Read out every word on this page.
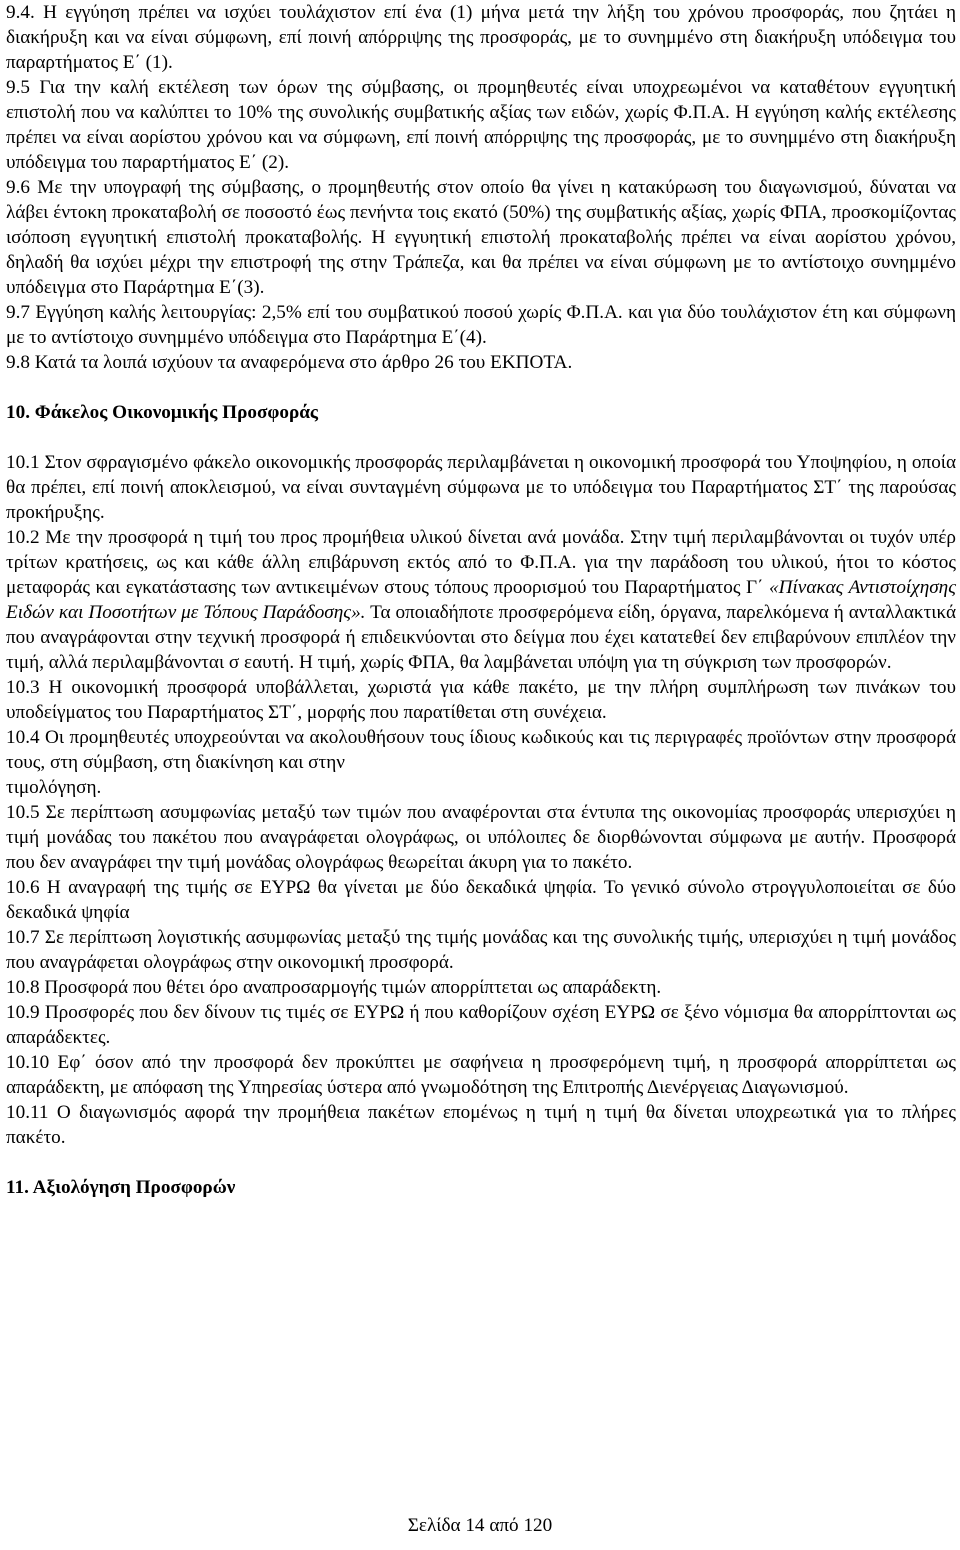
9.4. Η εγγύηση πρέπει να ισχύει τουλάχιστον επί ένα (1) μήνα μετά την λήξη του χρόνου προσφοράς, που ζητάει η διακήρυξη και να είναι σύμφωνη, επί ποινή απόρριψης της προσφοράς, με το συνημμένο στη διακήρυξη υπόδειγμα του παραρτήματος Ε΄ (1).

9.5 Για την καλή εκτέλεση των όρων της σύμβασης, οι προμηθευτές είναι υποχρεωμένοι να καταθέτουν εγγυητική επιστολή που να καλύπτει το 10% της συνολικής συμβατικής αξίας των ειδών, χωρίς Φ.Π.Α. Η εγγύηση καλής εκτέλεσης πρέπει να είναι αορίστου χρόνου και να σύμφωνη, επί ποινή απόρριψης της προσφοράς, με το συνημμένο στη διακήρυξη υπόδειγμα του παραρτήματος Ε΄ (2).

9.6 Με την υπογραφή της σύμβασης, ο προμηθευτής στον οποίο θα γίνει η κατακύρωση του διαγωνισμού, δύναται να λάβει έντοκη προκαταβολή σε ποσοστό έως πενήντα τοις εκατό (50%) της συμβατικής αξίας, χωρίς ΦΠΑ, προσκομίζοντας ισόποση εγγυητική επιστολή προκαταβολής. Η εγγυητική επιστολή προκαταβολής πρέπει να είναι αορίστου χρόνου, δηλαδή θα ισχύει μέχρι την επιστροφή της στην Τράπεζα, και θα πρέπει να είναι σύμφωνη με το αντίστοιχο συνημμένο υπόδειγμα στο Παράρτημα Ε΄(3).

9.7 Εγγύηση καλής λειτουργίας: 2,5% επί του συμβατικού ποσού χωρίς Φ.Π.Α. και για δύο τουλάχιστον έτη και σύμφωνη με το αντίστοιχο συνημμένο υπόδειγμα στο Παράρτημα Ε΄(4).

9.8 Κατά τα λοιπά ισχύουν τα αναφερόμενα στο άρθρο 26 του ΕΚΠΟΤΑ.

10. Φάκελος Οικονομικής Προσφοράς

10.1 Στον σφραγισμένο φάκελο οικονομικής προσφοράς περιλαμβάνεται η οικονομική προσφορά του Υποψηφίου, η οποία θα πρέπει, επί ποινή αποκλεισμού, να είναι συνταγμένη σύμφωνα με το υπόδειγμα του Παραρτήματος ΣΤ΄ της παρούσας προκήρυξης.

10.2 Με την προσφορά η τιμή του προς προμήθεια υλικού δίνεται ανά μονάδα. Στην τιμή περιλαμβάνονται οι τυχόν υπέρ τρίτων κρατήσεις, ως και κάθε άλλη επιβάρυνση εκτός από το Φ.Π.Α. για την παράδοση του υλικού, ήτοι το κόστος μεταφοράς και εγκατάστασης των αντικειμένων στους τόπους προορισμού του Παραρτήματος Γ΄ «Πίνακας Αντιστοίχησης Ειδών και Ποσοτήτων με Τόπους Παράδοσης». Τα οποιαδήποτε προσφερόμενα είδη, όργανα, παρελκόμενα ή ανταλλακτικά που αναγράφονται στην τεχνική προσφορά ή επιδεικνύονται στο δείγμα που έχει κατατεθεί δεν επιβαρύνουν επιπλέον την τιμή, αλλά περιλαμβάνονται σ εαυτή. Η τιμή, χωρίς ΦΠΑ, θα λαμβάνεται υπόψη για τη σύγκριση των προσφορών.

10.3 Η οικονομική προσφορά υποβάλλεται, χωριστά για κάθε πακέτο, με την πλήρη συμπλήρωση των πινάκων του υποδείγματος του Παραρτήματος ΣΤ΄, μορφής που παρατίθεται στη συνέχεια.

10.4 Οι προμηθευτές υποχρεούνται να ακολουθήσουν τους ίδιους κωδικούς και τις περιγραφές προϊόντων στην προσφορά τους, στη σύμβαση, στη διακίνηση και στην

τιμολόγηση.

10.5 Σε περίπτωση ασυμφωνίας μεταξύ των τιμών που αναφέρονται στα έντυπα της οικονομίας προσφοράς υπερισχύει η τιμή μονάδας του πακέτου που αναγράφεται ολογράφως, οι υπόλοιπες δε διορθώνονται σύμφωνα με αυτήν. Προσφορά που δεν αναγράφει την τιμή μονάδας ολογράφως θεωρείται άκυρη για το πακέτο.

10.6 Η αναγραφή της τιμής σε ΕΥΡΩ θα γίνεται με δύο δεκαδικά ψηφία. Το γενικό σύνολο στρογγυλοποιείται σε δύο δεκαδικά ψηφία

10.7 Σε περίπτωση λογιστικής ασυμφωνίας μεταξύ της τιμής μονάδας και της συνολικής τιμής, υπερισχύει η τιμή μονάδος που αναγράφεται ολογράφως στην οικονομική προσφορά.

10.8 Προσφορά που θέτει όρο αναπροσαρμογής τιμών απορρίπτεται ως απαράδεκτη.

10.9 Προσφορές που δεν δίνουν τις τιμές σε ΕΥΡΩ ή που καθορίζουν σχέση ΕΥΡΩ σε ξένο νόμισμα θα απορρίπτονται ως απαράδεκτες.

10.10 Εφ΄ όσον από την προσφορά δεν προκύπτει με σαφήνεια η προσφερόμενη τιμή, η προσφορά απορρίπτεται ως απαράδεκτη, με απόφαση της Υπηρεσίας ύστερα από γνωμοδότηση της Επιτροπής Διενέργειας Διαγωνισμού.

10.11 Ο διαγωνισμός αφορά την προμήθεια πακέτων επομένως η τιμή η τιμή θα δίνεται υποχρεωτικά για το πλήρες πακέτο.

11. Αξιολόγηση Προσφορών

Σελίδα 14 από 120
